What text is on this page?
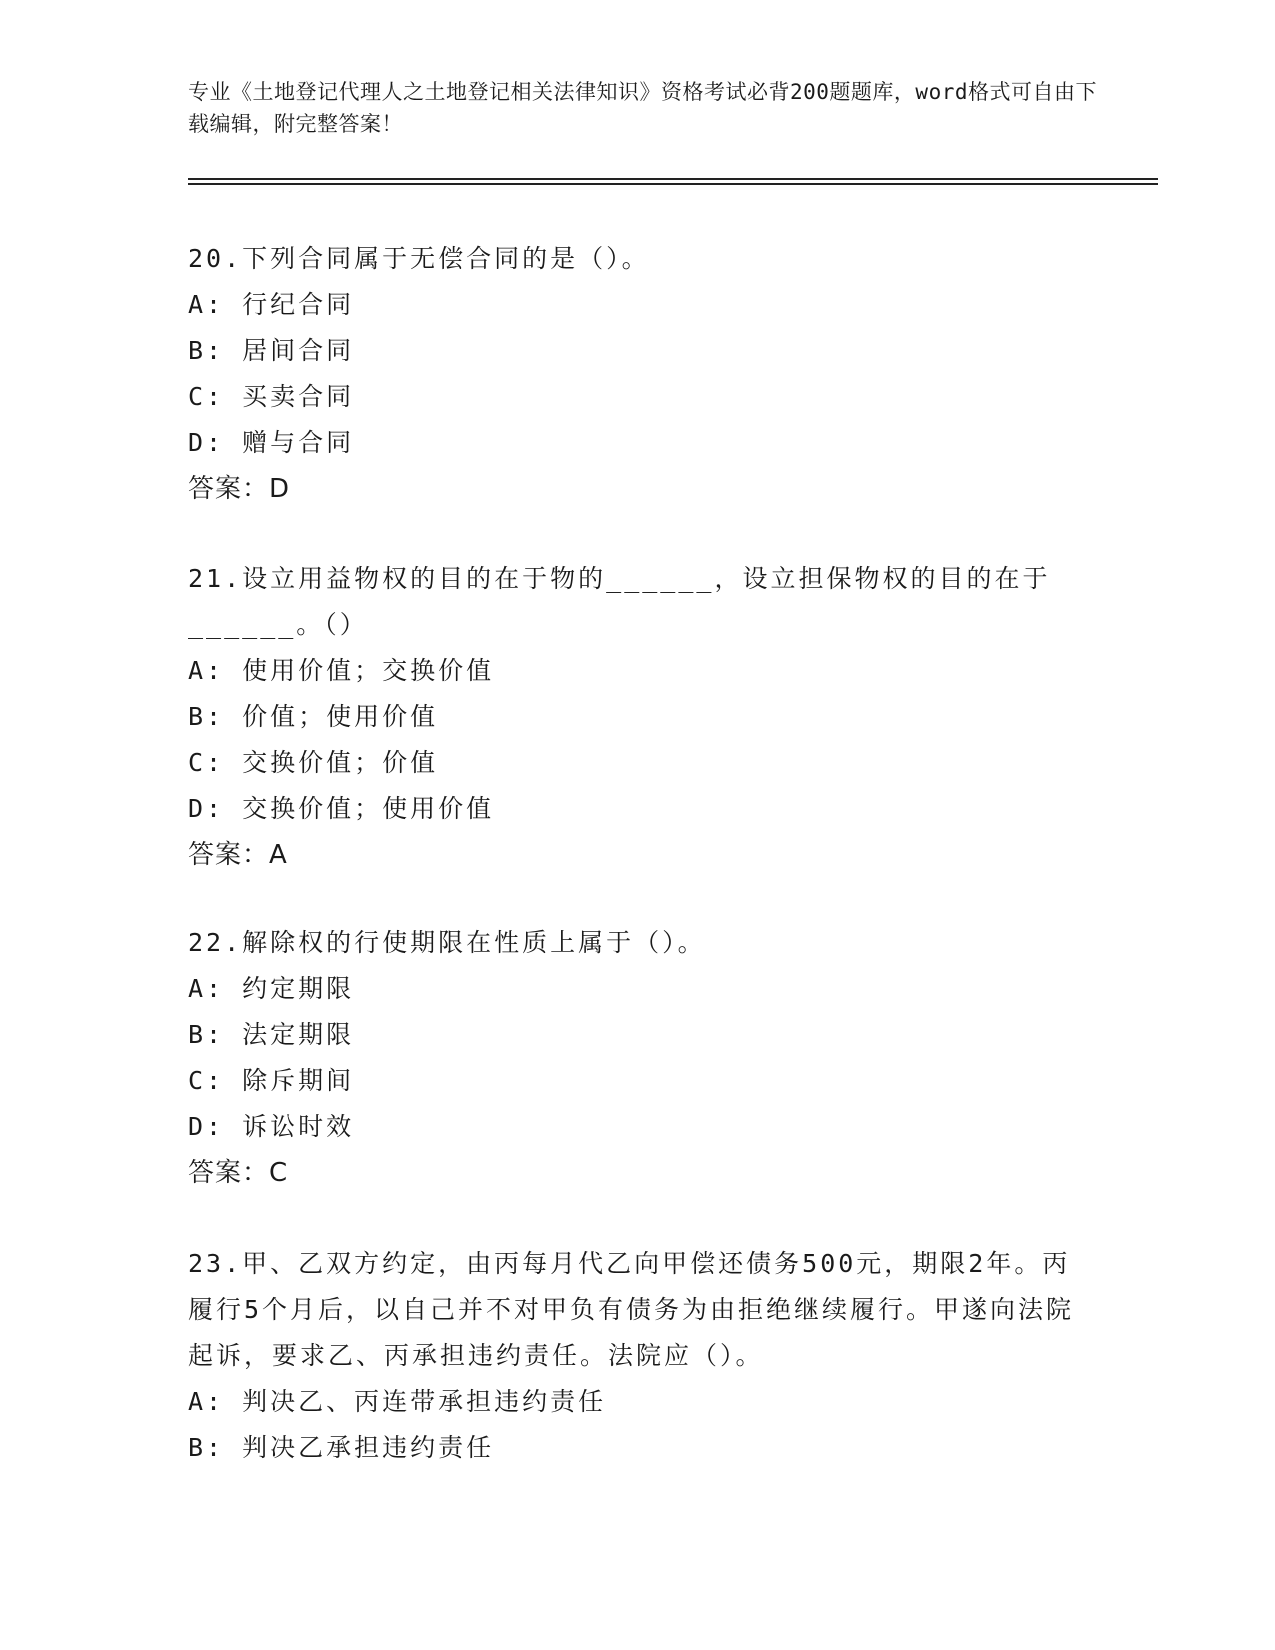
专业《土地登记代理人之土地登记相关法律知识》资格考试必背200题题库，word格式可自由下载编辑，附完整答案！
20.下列合同属于无偿合同的是（）。
A: 行纪合同
B: 居间合同
C: 买卖合同
D: 赠与合同
答案：D
21.设立用益物权的目的在于物的______，设立担保物权的目的在于______。（）
A: 使用价值；交换价值
B: 价值；使用价值
C: 交换价值；价值
D: 交换价值；使用价值
答案：A
22.解除权的行使期限在性质上属于（）。
A: 约定期限
B: 法定期限
C: 除斥期间
D: 诉讼时效
答案：C
23.甲、乙双方约定，由丙每月代乙向甲偿还债务500元，期限2年。丙履行5个月后，以自己并不对甲负有债务为由拒绝继续履行。甲遂向法院起诉，要求乙、丙承担违约责任。法院应（）。
A: 判决乙、丙连带承担违约责任
B: 判决乙承担违约责任
